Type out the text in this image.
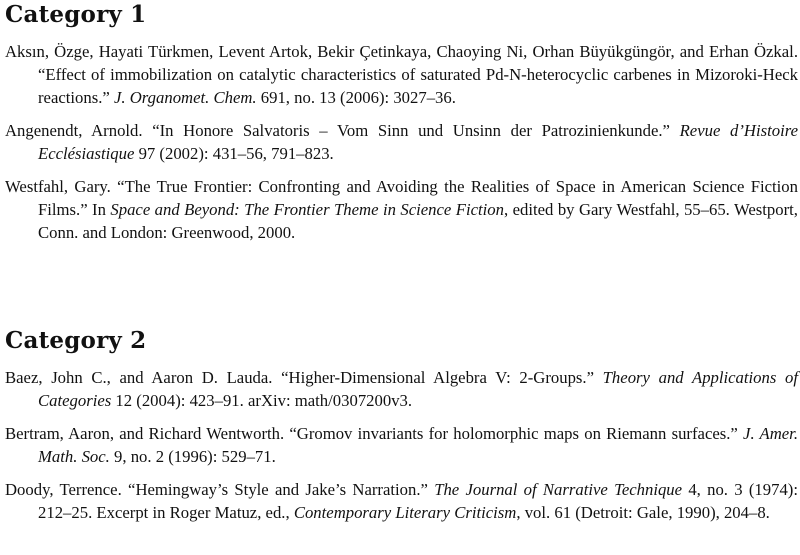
Category 1

Aksın, Özge, Hayati Türkmen, Levent Artok, Bekir Çetinkaya, Chaoying Ni, Orhan Büyükgüngör, and Erhan Özkal. “Effect of immobilization on catalytic characteristics of saturated Pd-N-heterocyclic carbenes in Mizoroki-Heck reactions.” J. Organomet. Chem. 691, no. 13 (2006): 3027–36.

Angenendt, Arnold. “In Honore Salvatoris – Vom Sinn und Unsinn der Patrozinienkunde.” Revue d’Histoire Ecclésiastique 97 (2002): 431–56, 791–823.

Westfahl, Gary. “The True Frontier: Confronting and Avoiding the Realities of Space in American Science Fiction Films.” In Space and Beyond: The Frontier Theme in Science Fiction, edited by Gary Westfahl, 55–65. Westport, Conn. and London: Greenwood, 2000.

Category 2

Baez, John C., and Aaron D. Lauda. “Higher-Dimensional Algebra V: 2-Groups.” Theory and Applications of Categories 12 (2004): 423–91. arXiv: math/0307200v3.

Bertram, Aaron, and Richard Wentworth. “Gromov invariants for holomorphic maps on Riemann surfaces.” J. Amer. Math. Soc. 9, no. 2 (1996): 529–71.

Doody, Terrence. “Hemingway’s Style and Jake’s Narration.” The Journal of Narrative Technique 4, no. 3 (1974): 212–25. Excerpt in Roger Matuz, ed., Contemporary Literary Criticism, vol. 61 (Detroit: Gale, 1990), 204–8.
